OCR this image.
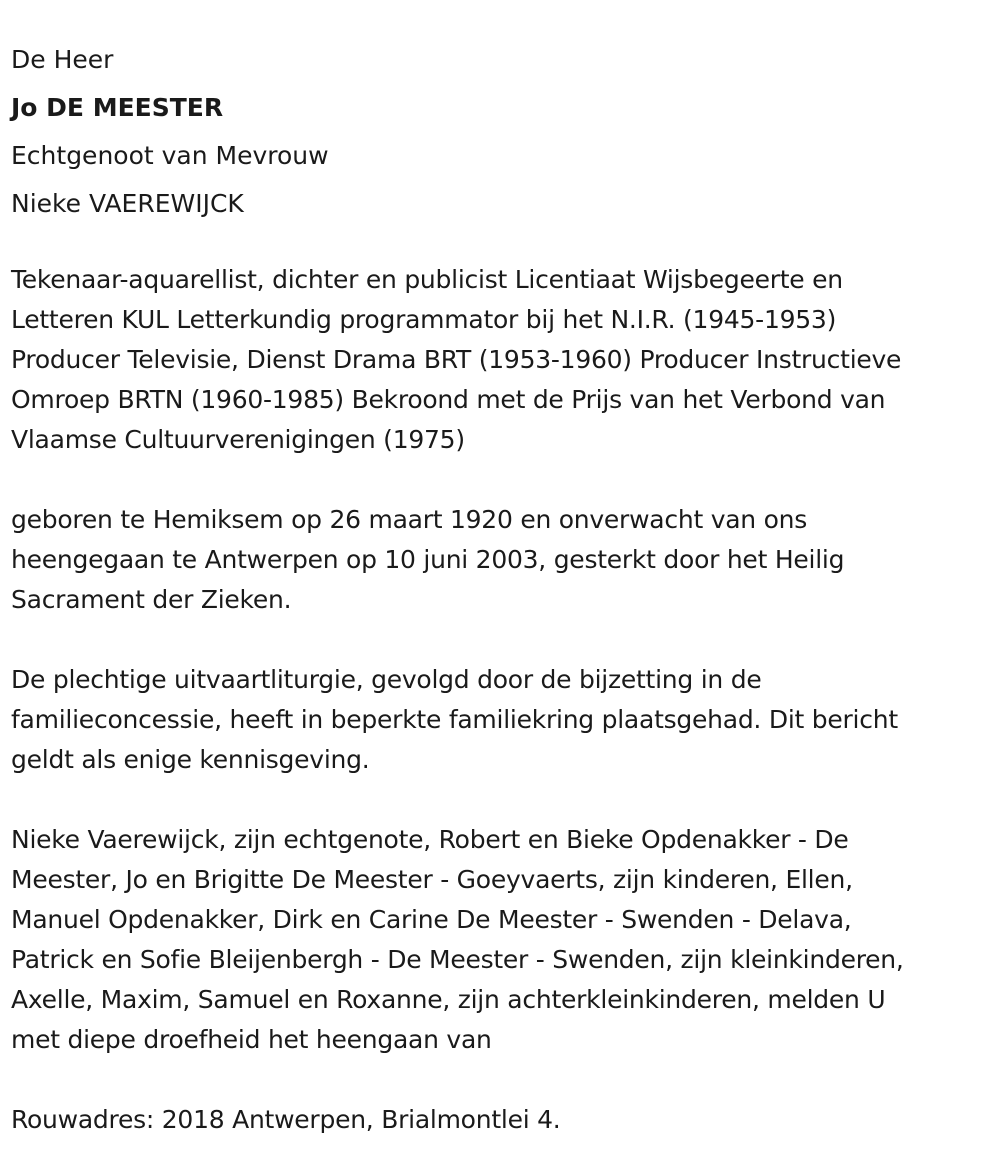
De Heer

Jo DE MEESTER

Echtgenoot van Mevrouw

Nieke VAEREWIJCK

Tekenaar-aquarellist, dichter en publicist Licentiaat Wijsbegeerte en
Letteren KUL Letterkundig programmator bij het N.I.R. (1945-1953)
Producer Televisie, Dienst Drama BRT (1953-1960) Producer Instructieve
Omroep BRTN (1960-1985) Bekroond met de Prijs van het Verbond van
Vlaamse Cultuurverenigingen (1975)
geboren te Hemiksem op 26 maart 1920 en onverwacht van ons
heengegaan te Antwerpen op 10 juni 2003, gesterkt door het Heilig
Sacrament der Zieken.
De plechtige uitvaartliturgie, gevolgd door de bijzetting in de
familieconcessie, heeft in beperkte familiekring plaatsgehad. Dit bericht
geldt als enige kennisgeving.
Nieke Vaerewijck, zijn echtgenote, Robert en Bieke Opdenakker - De
Meester, Jo en Brigitte De Meester - Goeyvaerts, zijn kinderen, Ellen,
Manuel Opdenakker, Dirk en Carine De Meester - Swenden - Delava,
Patrick en Sofie Bleijenbergh - De Meester - Swenden, zijn kleinkinderen,
Axelle, Maxim, Samuel en Roxanne, zijn achterkleinkinderen, melden U
met diepe droefheid het heengaan van
Rouwadres: 2018 Antwerpen, Brialmontlei 4.
